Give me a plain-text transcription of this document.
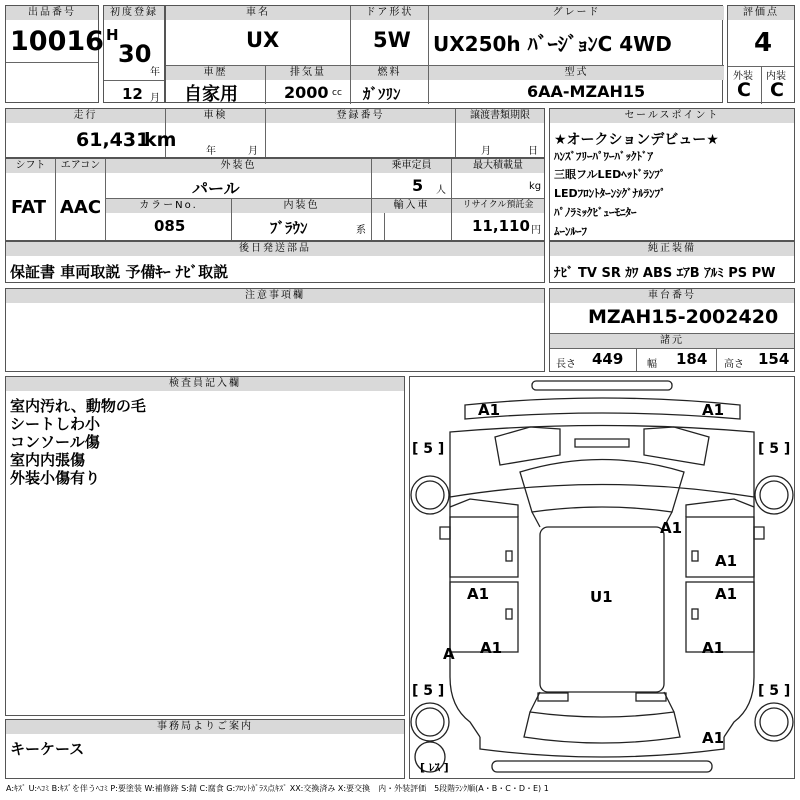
出品番号
10016
初度登録
H
30
年
12 月
車名
UX
ドア形状
5W
グレード
UX250h ﾊﾞｰｼﾞｮﾝC 4WD
車歴
自家用
排気量
2000 cc
燃料
ｶﾞｿﾘﾝ
型式
6AA-MZAH15
評価点
4
外装 内装
C C
走行
61,431
km
車検
年	月
登録番号	譲渡書類期限
月	日
セールスポイント
★オークションデビュー★
ﾊﾝｽﾞﾌﾘｰﾊﾟﾜｰﾊﾞｯｸﾄﾞｱ
三眼フルLEDﾍｯﾄﾞﾗﾝﾌﾟ
LEDﾌﾛﾝﾄﾀｰﾝｼｸﾞﾅﾙﾗﾝﾌﾟ
ﾊﾟﾉﾗﾐｯｸﾋﾞｭｰﾓﾆﾀｰ
ﾑｰﾝﾙｰﾌ
シフト
FAT
エアコン
AAC
外装色
パール
乗車定員
5 人
最大積載量
kg
カラーNo.
085
内装色
ﾌﾞﾗｳﾝ	系
輸入車	リサイクル預託金
11,110 円
後日発送部品
保証書 車両取説 予備ｷｰ ﾅﾋﾞ取説
純正装備
ﾅﾋﾞ TV SR ｶﾜ ABS ｴｱB ｱﾙﾐ PS PW
注意事項欄	車台番号
MZAH15-2002420
諸元
長さ 449 幅 184 高さ 154
検査員記入欄
室内汚れ、動物の毛
シートしわ小
コンソール傷
室内内張傷
外装小傷有り
事務局よりご案内
キーケース
A1	A1
A1
A1
A1	U1	A1
A1	A1
A1
A
[ 5 ]	[ 5 ]
[ 5 ]	[ 5 ]
[ ﾚｽ ]
A:ｷｽﾞ U:ﾍｺﾐ B:ｷｽﾞを伴うﾍｺﾐ P:要塗装 W:補修跡 S:錆 C:腐食 G:ﾌﾛﾝﾄｶﾞﾗｽ点ｷｽﾞ XX:交換済み X:要交換　内・外装評価　5段階ﾗﾝｸ順(A・B・C・D・E) 1
